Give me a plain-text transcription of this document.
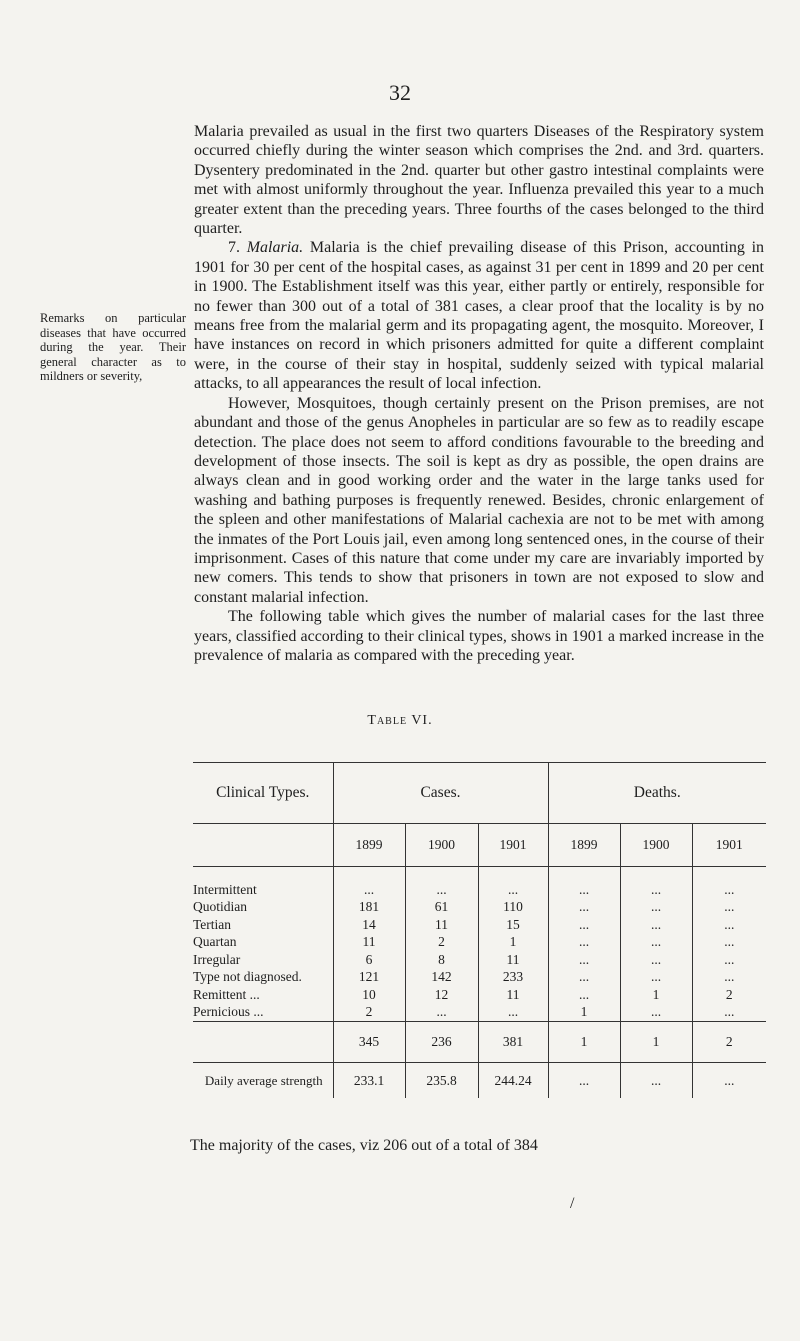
32
Remarks on particular diseases that have occurred during the year. Their general character as to mildners or severity,

Malaria prevailed as usual in the first two quarters Diseases of the Respiratory system occurred chiefly during the winter season which comprises the 2nd. and 3rd. quarters. Dysentery predominated in the 2nd. quarter but other gastro intestinal complaints were met with almost uniformly throughout the year. Influenza prevailed this year to a much greater extent than the preceding years. Three fourths of the cases belonged to the third quarter.

7. Malaria. Malaria is the chief prevailing disease of this Prison, accounting in 1901 for 30 per cent of the hospital cases, as against 31 per cent in 1899 and 20 per cent in 1900. The Establishment itself was this year, either partly or entirely, responsible for no fewer than 300 out of a total of 381 cases, a clear proof that the locality is by no means free from the malarial germ and its propagating agent, the mosquito. Moreover, I have instances on record in which prisoners admitted for quite a different complaint were, in the course of their stay in hospital, suddenly seized with typical malarial attacks, to all appearances the result of local infection.

However, Mosquitoes, though certainly present on the Prison premises, are not abundant and those of the genus Anopheles in particular are so few as to readily escape detection. The place does not seem to afford conditions favourable to the breeding and development of those insects. The soil is kept as dry as possible, the open drains are always clean and in good working order and the water in the large tanks used for washing and bathing purposes is frequently renewed. Besides, chronic enlargement of the spleen and other manifestations of Malarial cachexia are not to be met with among the inmates of the Port Louis jail, even among long sentenced ones, in the course of their imprisonment. Cases of this nature that come under my care are invariably imported by new comers. This tends to show that prisoners in town are not exposed to slow and constant malarial infection.

The following table which gives the number of malarial cases for the last three years, classified according to their clinical types, shows in 1901 a marked increase in the prevalence of malaria as compared with the preceding year.

Table VI.
Clinical Types.	Cases.			Deaths.		
	1899	1900	1901	1899	1900	1901
Intermittent	...	...	...	...	...	...
Quotidian	181	61	110	...	...	...
Tertian	14	11	15	...	...	...
Quartan	11	2	1	...	...	...
Irregular	6	8	11	...	...	...
Type not diagnosed.	121	142	233	...	...	...
Remittent ...	10	12	11	...	1	2
Pernicious ...	2	...	...	1	...	...
	345	236	381	1	1	2
Daily average strength	233.1	235.8	244.24	...	...	...
The majority of the cases, viz 206 out of a total of 384
/
